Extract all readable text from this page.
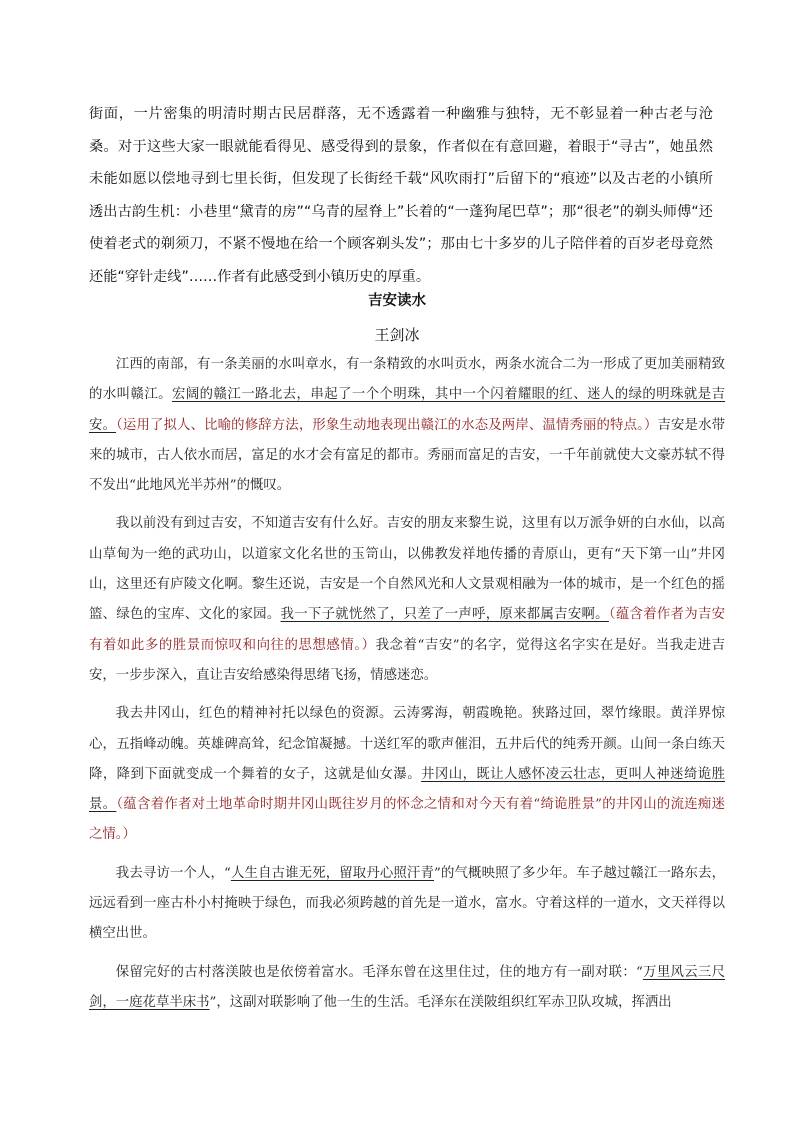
街面，一片密集的明清时期古民居群落，无不透露着一种幽雅与独特，无不彰显着一种古老与沧桑。对于这些大家一眼就能看得见、感受得到的景象，作者似在有意回避，着眼于“寻古”，她虽然未能如愿以偿地寻到七里长街，但发现了长街经千载“风吹雨打”后留下的“痕迹”以及古老的小镇所透出古韵生机：小巷里“黛青的房”“乌青的屋脊上”长着的“一蓬狗尾巴草”；那“很老”的剃头师傅“还使着老式的剃须刀，不紧不慢地在给一个顾客剃头发”；那由七十多岁的儿子陪伴着的百岁老母竟然还能“穿针走线”……作者有此感受到小镇历史的厚重。
吉安读水
王剑冰

江西的南部，有一条美丽的水叫章水，有一条精致的水叫贡水，两条水流合二为一形成了更加美丽精致的水叫赣江。宏阔的赣江一路北去，串起了一个个明珠，其中一个闪着耀眼的红、迷人的绿的明珠就是吉安。（运用了拟人、比喻的修辞方法，形象生动地表现出赣江的水态及两岸、温情秀丽的特点。）吉安是水带来的城市，古人依水而居，富足的水才会有富足的都市。秀丽而富足的吉安，一千年前就使大文豪苏轼不得不发出“此地风光半苏州”的慨叹。

我以前没有到过吉安，不知道吉安有什么好。吉安的朋友来黎生说，这里有以万派争妍的白水仙，以高山草甸为一绝的武功山，以道家文化名世的玉笥山，以佛教发祥地传播的青原山，更有“天下第一山”井冈山，这里还有庐陵文化啊。黎生还说，吉安是一个自然风光和人文景观相融为一体的城市，是一个红色的摇篮、绿色的宝库、文化的家园。我一下子就恍然了，只差了一声呼，原来都属吉安啊。（蕴含着作者为吉安有着如此多的胜景而惊叹和向往的思想感情。）我念着“吉安”的名字，觉得这名字实在是好。当我走进吉安，一步步深入，直让吉安给感染得思绪飞扬，情感迷恋。

我去井冈山，红色的精神衬托以绿色的资源。云涛雾海，朝霞晚艳。狭路过回，翠竹缘眼。黄洋界惊心，五指峰动魄。英雄碑高耸，纪念馆凝撼。十送红军的歌声催泪，五井后代的纯秀开颜。山间一条白练天降，降到下面就变成一个舞着的女子，这就是仙女瀑。井冈山，既让人感怀凌云壮志，更叫人神迷绮诡胜景。（蕴含着作者对土地革命时期井冈山既往岁月的怀念之情和对今天有着“绮诡胜景”的井冈山的流连痴迷之情。）

我去寻访一个人，“人生自古谁无死，留取丹心照汗青”的气概映照了多少年。车子越过赣江一路东去，远远看到一座古朴小村掩映于绿色，而我必须跨越的首先是一道水，富水。守着这样的一道水，文天祥得以横空出世。

保留完好的古村落渼陂也是依傍着富水。毛泽东曾在这里住过，住的地方有一副对联：“万里风云三尺剑，一庭花草半床书”，这副对联影响了他一生的生活。毛泽东在渼陂组织红军赤卫队攻城，挥洒出
